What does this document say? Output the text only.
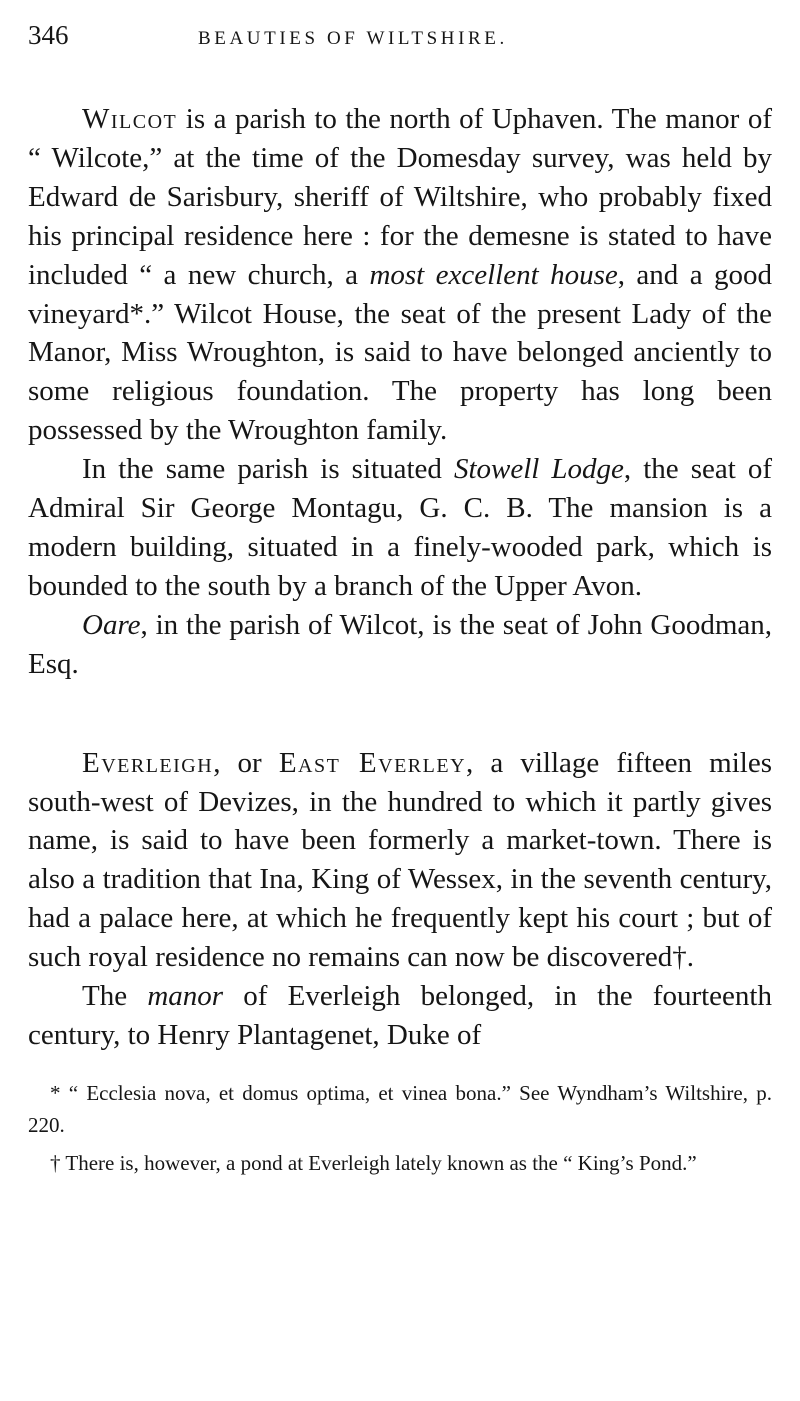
346	BEAUTIES OF WILTSHIRE.

Wilcot is a parish to the north of Uphaven. The manor of “ Wilcote,” at the time of the Domesday survey, was held by Edward de Sarisbury, sheriff of Wiltshire, who probably fixed his principal residence here : for the demesne is stated to have included “ a new church, a most excellent house, and a good vineyard*.” Wilcot House, the seat of the present Lady of the Manor, Miss Wroughton, is said to have belonged anciently to some religious foundation. The property has long been possessed by the Wroughton family.

In the same parish is situated Stowell Lodge, the seat of Admiral Sir George Montagu, G. C. B. The mansion is a modern building, situated in a finely-wooded park, which is bounded to the south by a branch of the Upper Avon.

Oare, in the parish of Wilcot, is the seat of John Goodman, Esq.

Everleigh, or East Everley, a village fifteen miles south-west of Devizes, in the hundred to which it partly gives name, is said to have been formerly a market-town. There is also a tradition that Ina, King of Wessex, in the seventh century, had a palace here, at which he frequently kept his court ; but of such royal residence no remains can now be discovered†.

The manor of Everleigh belonged, in the fourteenth century, to Henry Plantagenet, Duke of

* “ Ecclesia nova, et domus optima, et vinea bona.” See Wyndham’s Wiltshire, p. 220.

† There is, however, a pond at Everleigh lately known as the “ King’s Pond.”
